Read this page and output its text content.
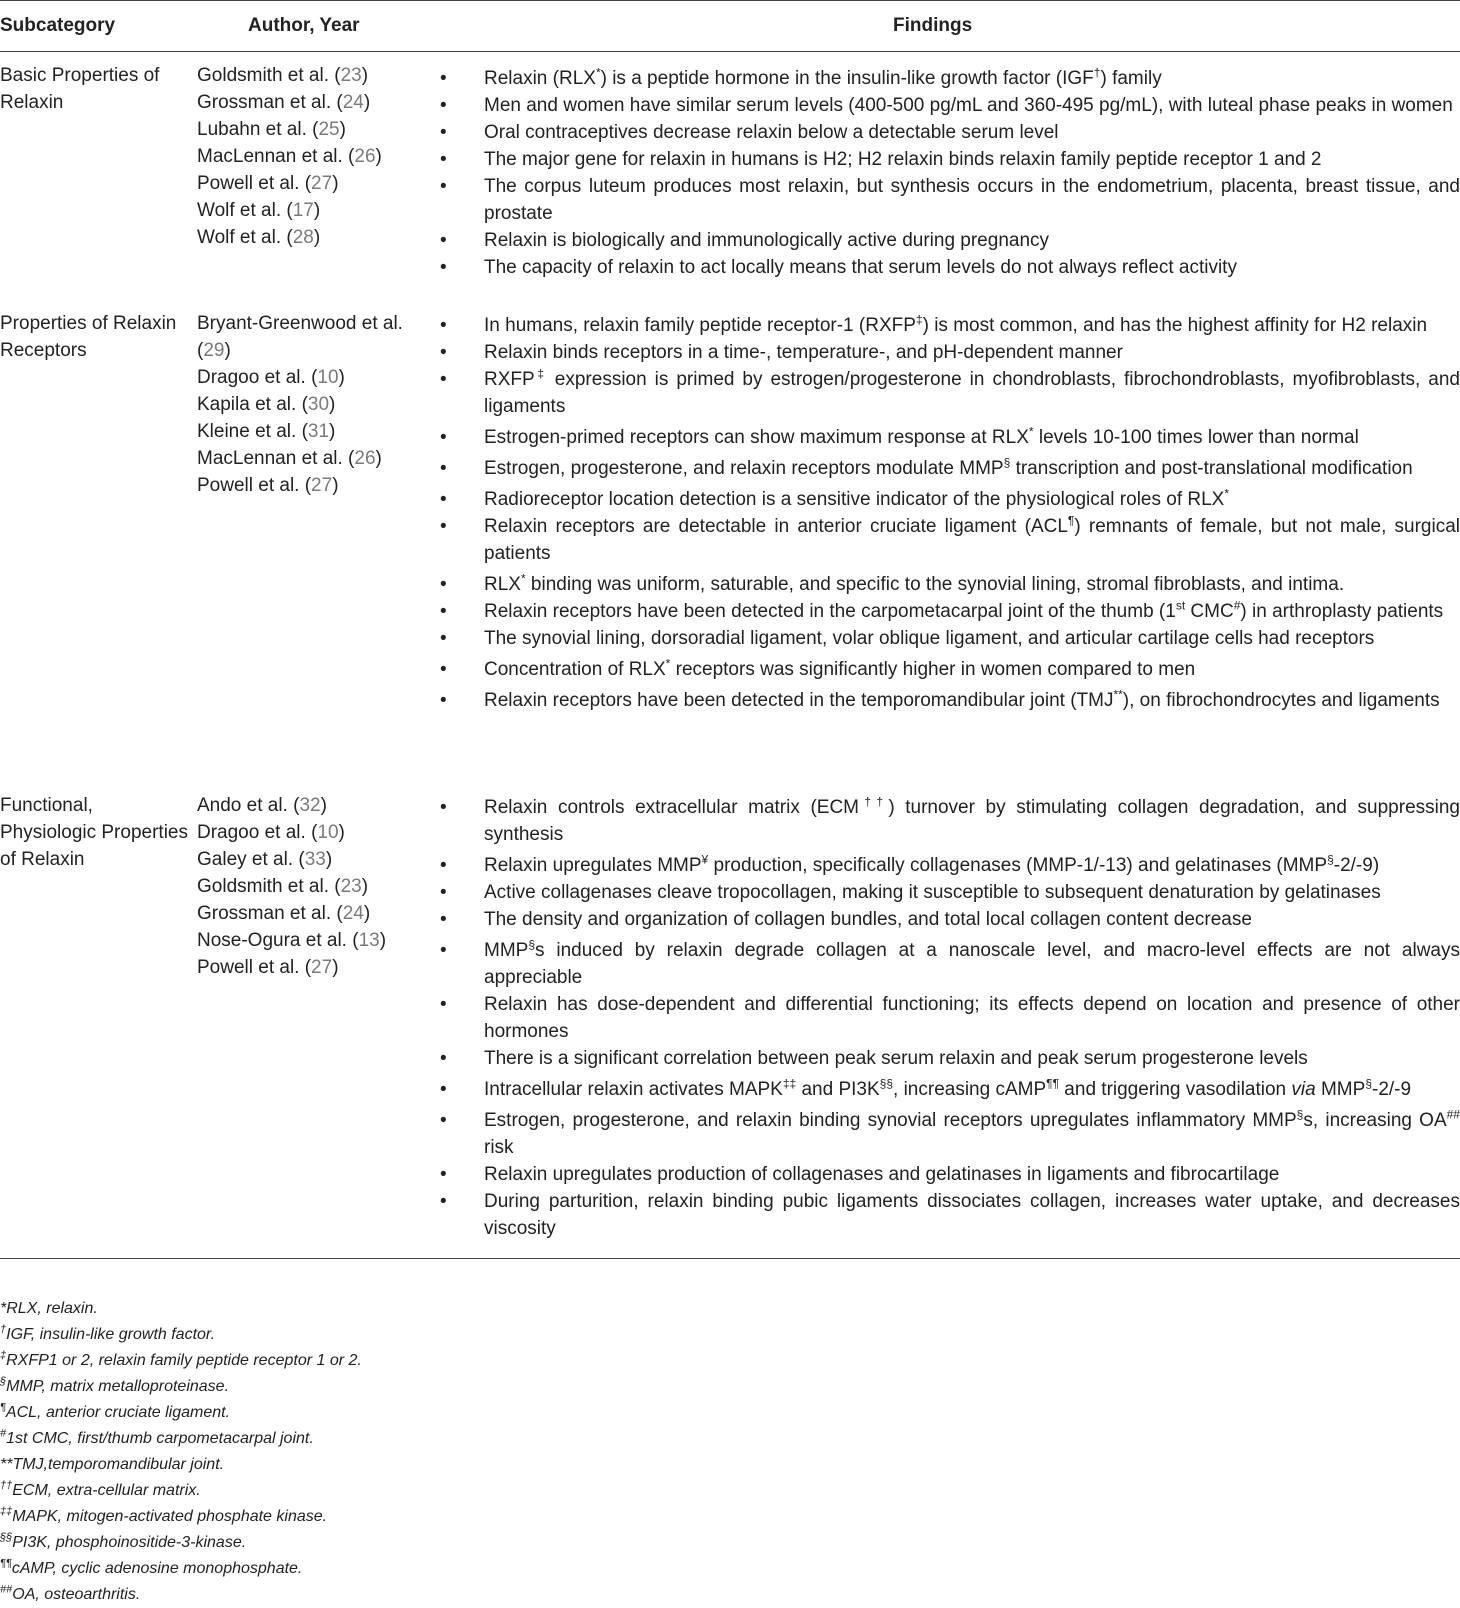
Subcategory	Author, Year	Findings
Basic Properties of Relaxin
Goldsmith et al. (23)
Grossman et al. (24)
Lubahn et al. (25)
MacLennan et al. (26)
Powell et al. (27)
Wolf et al. (17)
Wolf et al. (28)
• Relaxin (RLX*) is a peptide hormone in the insulin-like growth factor (IGF†) family
• Men and women have similar serum levels (400-500 pg/mL and 360-495 pg/mL), with luteal phase peaks in women
• Oral contraceptives decrease relaxin below a detectable serum level
• The major gene for relaxin in humans is H2; H2 relaxin binds relaxin family peptide receptor 1 and 2
• The corpus luteum produces most relaxin, but synthesis occurs in the endometrium, placenta, breast tissue, and prostate
• Relaxin is biologically and immunologically active during pregnancy
• The capacity of relaxin to act locally means that serum levels do not always reflect activity
Properties of Relaxin Receptors
Bryant-Greenwood et al. (29)
Dragoo et al. (10)
Kapila et al. (30)
Kleine et al. (31)
MacLennan et al. (26)
Powell et al. (27)
• In humans, relaxin family peptide receptor-1 (RXFP‡) is most common, and has the highest affinity for H2 relaxin
• Relaxin binds receptors in a time-, temperature-, and pH-dependent manner
• RXFP‡ expression is primed by estrogen/progesterone in chondroblasts, fibrochondroblasts, myofibroblasts, and ligaments
• Estrogen-primed receptors can show maximum response at RLX* levels 10-100 times lower than normal
• Estrogen, progesterone, and relaxin receptors modulate MMP§ transcription and post-translational modification
• Radioreceptor location detection is a sensitive indicator of the physiological roles of RLX*
• Relaxin receptors are detectable in anterior cruciate ligament (ACL¶) remnants of female, but not male, surgical patients
• RLX* binding was uniform, saturable, and specific to the synovial lining, stromal fibroblasts, and intima.
• Relaxin receptors have been detected in the carpometacarpal joint of the thumb (1st CMC#) in arthroplasty patients
• The synovial lining, dorsoradial ligament, volar oblique ligament, and articular cartilage cells had receptors
• Concentration of RLX* receptors was significantly higher in women compared to men
• Relaxin receptors have been detected in the temporomandibular joint (TMJ**), on fibrochondrocytes and ligaments
Functional, Physiologic Properties of Relaxin
Ando et al. (32)
Dragoo et al. (10)
Galey et al. (33)
Goldsmith et al. (23)
Grossman et al. (24)
Nose-Ogura et al. (13)
Powell et al. (27)
• Relaxin controls extracellular matrix (ECM††) turnover by stimulating collagen degradation, and suppressing synthesis
• Relaxin upregulates MMP¥ production, specifically collagenases (MMP-1/-13) and gelatinases (MMP§-2/-9)
• Active collagenases cleave tropocollagen, making it susceptible to subsequent denaturation by gelatinases
• The density and organization of collagen bundles, and total local collagen content decrease
• MMP§s induced by relaxin degrade collagen at a nanoscale level, and macro-level effects are not always appreciable
• Relaxin has dose-dependent and differential functioning; its effects depend on location and presence of other hormones
• There is a significant correlation between peak serum relaxin and peak serum progesterone levels
• Intracellular relaxin activates MAPK‡‡ and PI3K§§, increasing cAMP¶¶ and triggering vasodilation via MMP§-2/-9
• Estrogen, progesterone, and relaxin binding synovial receptors upregulates inflammatory MMP§s, increasing OA## risk
• Relaxin upregulates production of collagenases and gelatinases in ligaments and fibrocartilage
• During parturition, relaxin binding pubic ligaments dissociates collagen, increases water uptake, and decreases viscosity
*RLX, relaxin.
†IGF, insulin-like growth factor.
‡RXFP1 or 2, relaxin family peptide receptor 1 or 2.
§MMP, matrix metalloproteinase.
¶ACL, anterior cruciate ligament.
#1st CMC, first/thumb carpometacarpal joint.
**TMJ,temporomandibular joint.
††ECM, extra-cellular matrix.
‡‡MAPK, mitogen-activated phosphate kinase.
§§PI3K, phosphoinositide-3-kinase.
¶¶cAMP, cyclic adenosine monophosphate.
##OA, osteoarthritis.
